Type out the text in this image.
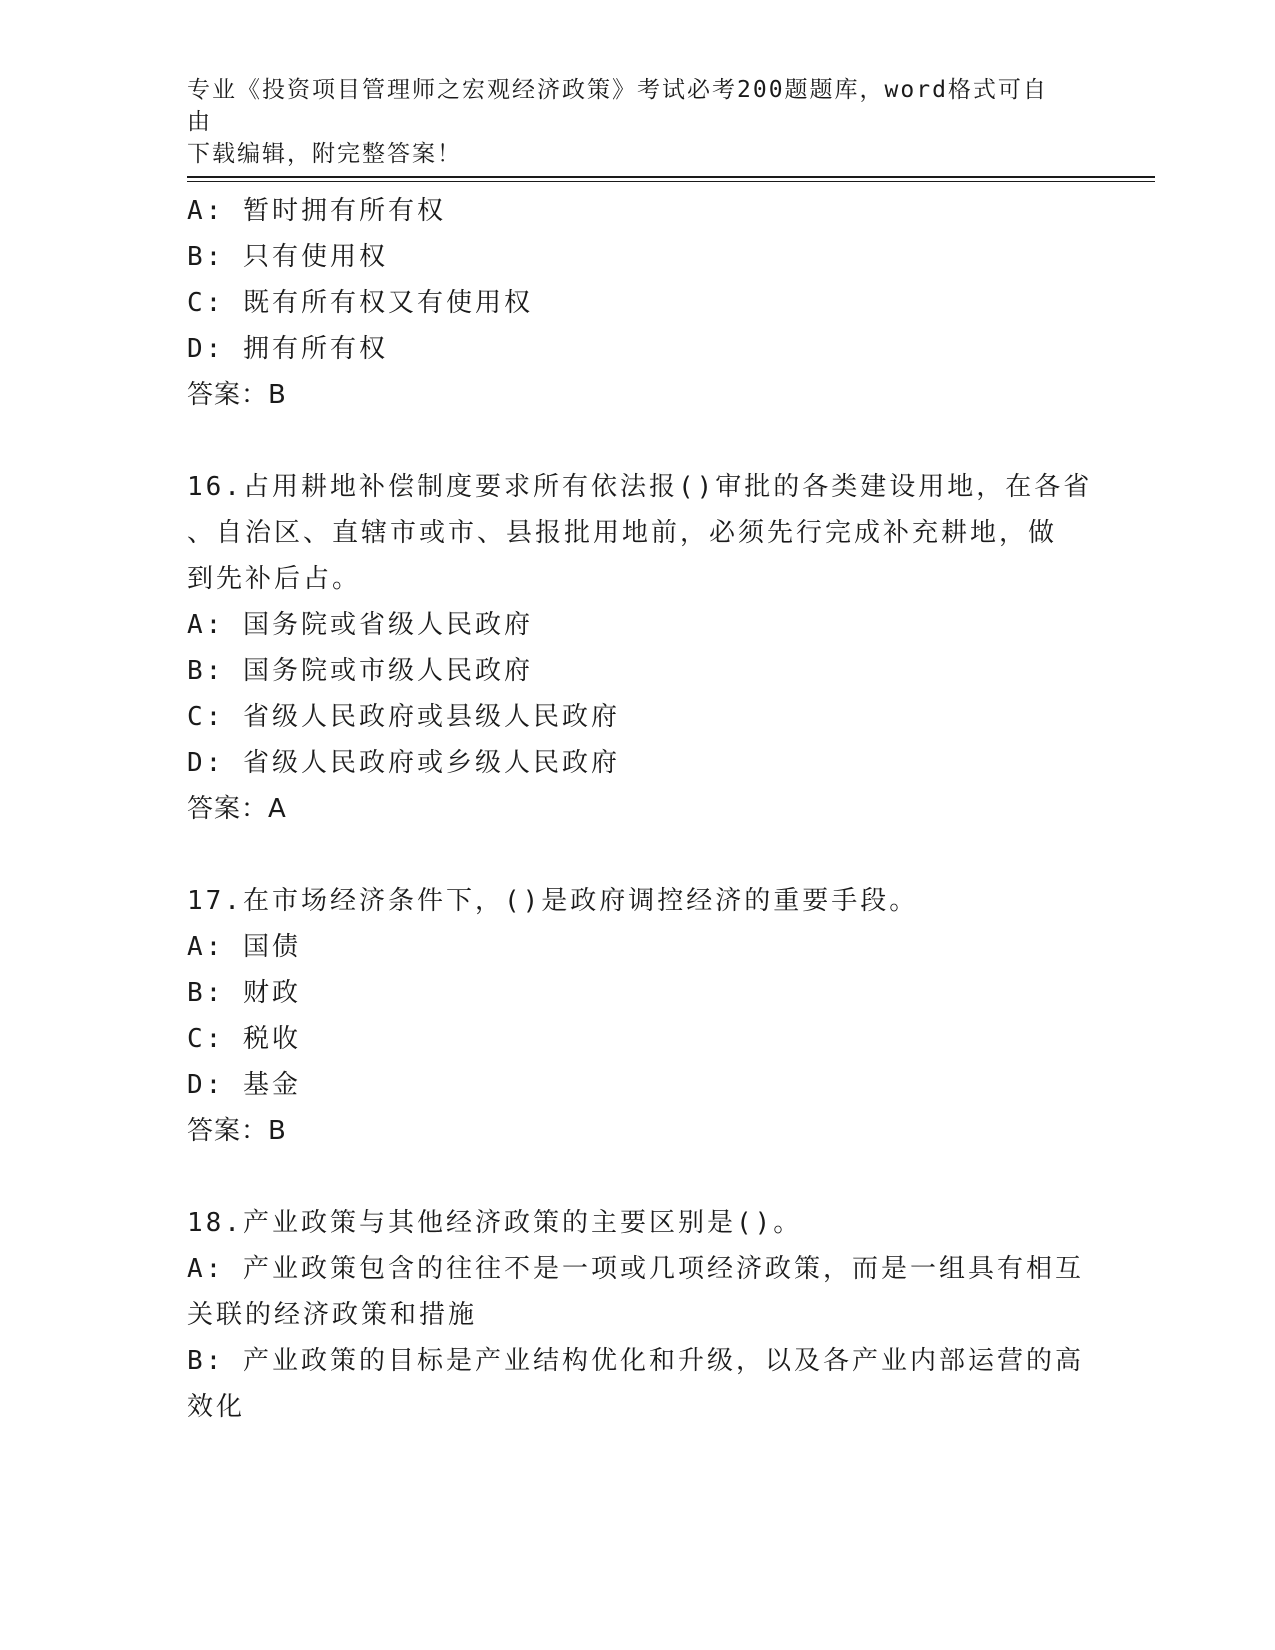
专业《投资项目管理师之宏观经济政策》考试必考200题题库，word格式可自由
下载编辑，附完整答案！
A: 暂时拥有所有权
B: 只有使用权
C: 既有所有权又有使用权
D: 拥有所有权
答案：B
16.占用耕地补偿制度要求所有依法报()审批的各类建设用地，在各省
、自治区、直辖市或市、县报批用地前，必须先行完成补充耕地，做
到先补后占。
A: 国务院或省级人民政府
B: 国务院或市级人民政府
C: 省级人民政府或县级人民政府
D: 省级人民政府或乡级人民政府
答案：A
17.在市场经济条件下，()是政府调控经济的重要手段。
A: 国债
B: 财政
C: 税收
D: 基金
答案：B
18.产业政策与其他经济政策的主要区别是()。
A: 产业政策包含的往往不是一项或几项经济政策，而是一组具有相互
关联的经济政策和措施
B: 产业政策的目标是产业结构优化和升级，以及各产业内部运营的高
效化
